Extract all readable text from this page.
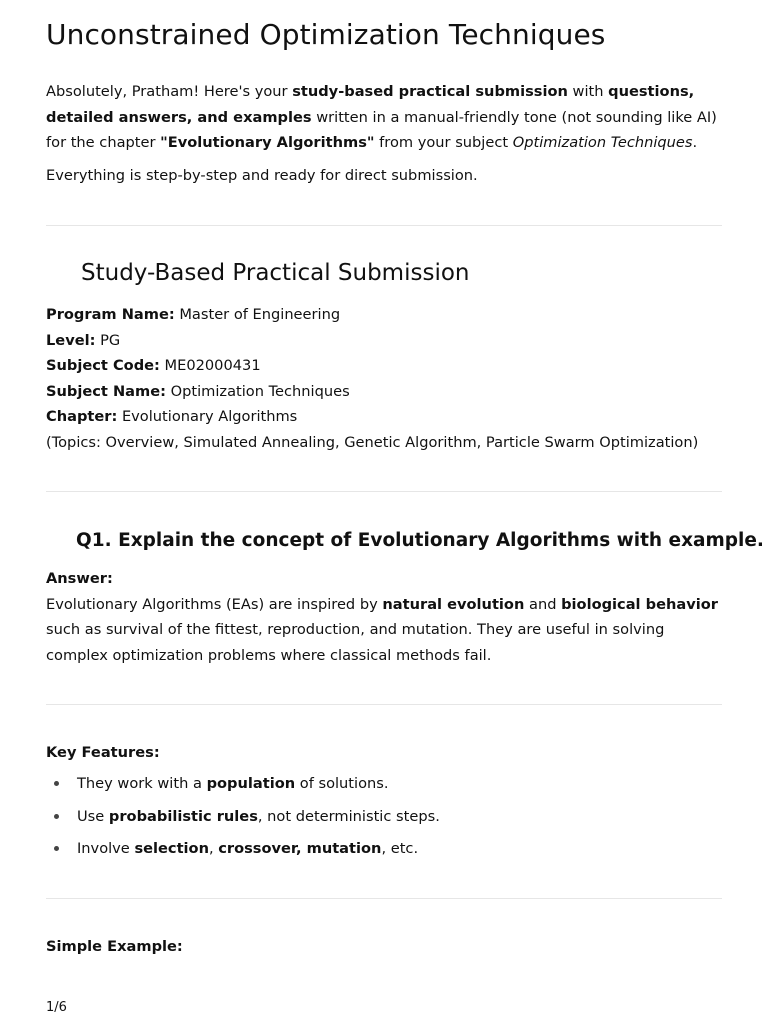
Unconstrained Optimization Techniques

Absolutely, Pratham! Here's your study-based practical submission with questions, detailed answers, and examples written in a manual-friendly tone (not sounding like AI) for the chapter "Evolutionary Algorithms" from your subject Optimization Techniques.

Everything is step-by-step and ready for direct submission.

Study-Based Practical Submission
Program Name: Master of Engineering
Level: PG
Subject Code: ME02000431
Subject Name: Optimization Techniques
Chapter: Evolutionary Algorithms
(Topics: Overview, Simulated Annealing, Genetic Algorithm, Particle Swarm Optimization)
Q1. Explain the concept of Evolutionary Algorithms with example.
Answer:

Evolutionary Algorithms (EAs) are inspired by natural evolution and biological behavior such as survival of the fittest, reproduction, and mutation. They are useful in solving complex optimization problems where classical methods fail.

Key Features:
They work with a population of solutions.
Use probabilistic rules, not deterministic steps.
Involve selection, crossover, mutation, etc.
Simple Example:
1/6
